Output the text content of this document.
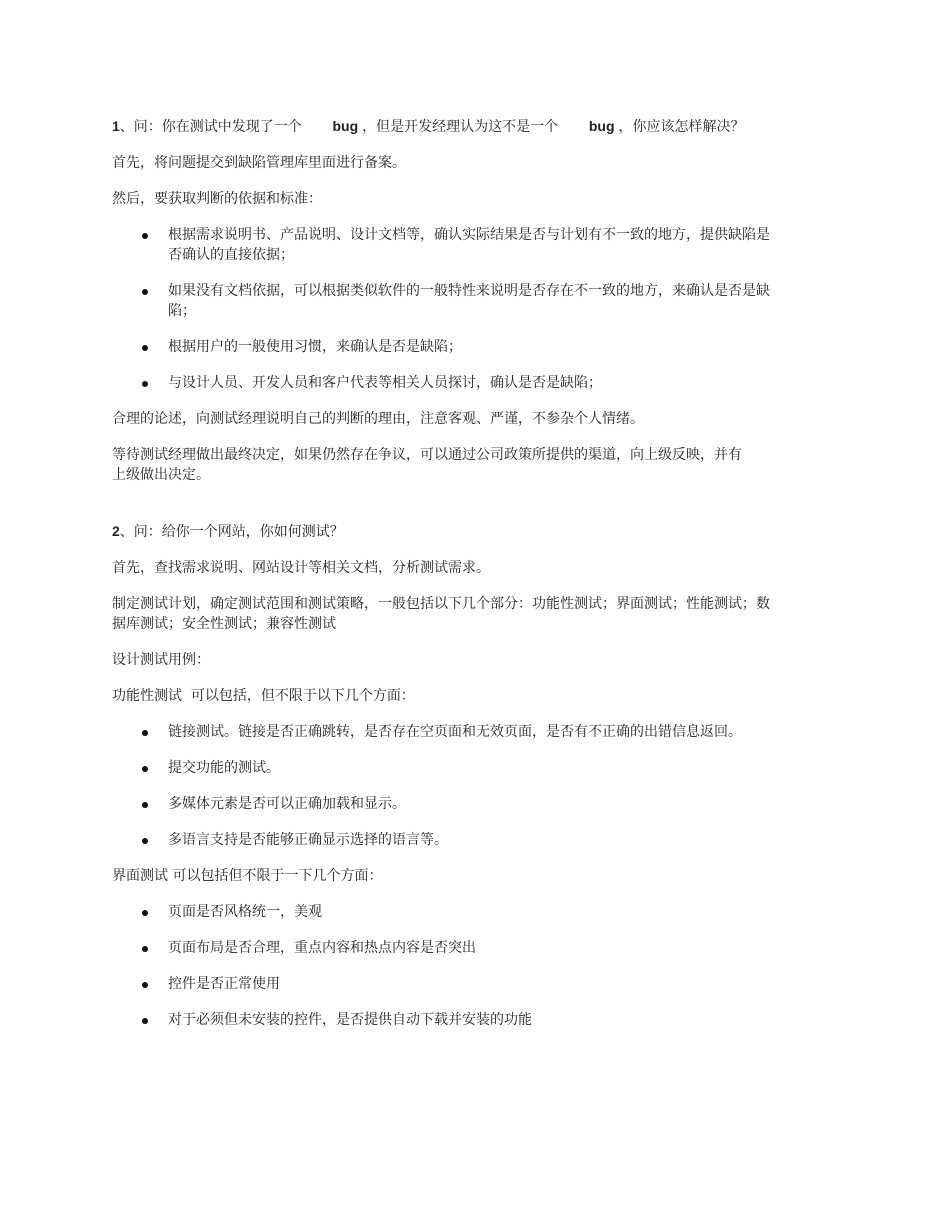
1、问：你在测试中发现了一个 bug ，但是开发经理认为这不是一个 bug ，你应该怎样解决？

首先，将问题提交到缺陷管理库里面进行备案。

然后，要获取判断的依据和标准：

根据需求说明书、产品说明、设计文档等，确认实际结果是否与计划有不一致的地方，提供缺陷是否确认的直接依据；
如果没有文档依据，可以根据类似软件的一般特性来说明是否存在不一致的地方，来确认是否是缺陷；
根据用户的一般使用习惯，来确认是否是缺陷；
与设计人员、开发人员和客户代表等相关人员探讨，确认是否是缺陷；

合理的论述，向测试经理说明自己的判断的理由，注意客观、严谨，不参杂个人情绪。

等待测试经理做出最终决定，如果仍然存在争议，可以通过公司政策所提供的渠道，向上级反映，并有上级做出决定。

2、问：给你一个网站，你如何测试？

首先，查找需求说明、网站设计等相关文档，分析测试需求。

制定测试计划，确定测试范围和测试策略，一般包括以下几个部分：功能性测试；界面测试；性能测试；数据库测试；安全性测试；兼容性测试

设计测试用例：

功能性测试  可以包括，但不限于以下几个方面：

链接测试。链接是否正确跳转，是否存在空页面和无效页面，是否有不正确的出错信息返回。
提交功能的测试。
多媒体元素是否可以正确加载和显示。
多语言支持是否能够正确显示选择的语言等。

界面测试 可以包括但不限于一下几个方面：

页面是否风格统一，美观
页面布局是否合理，重点内容和热点内容是否突出
控件是否正常使用
对于必须但未安装的控件，是否提供自动下载并安装的功能
